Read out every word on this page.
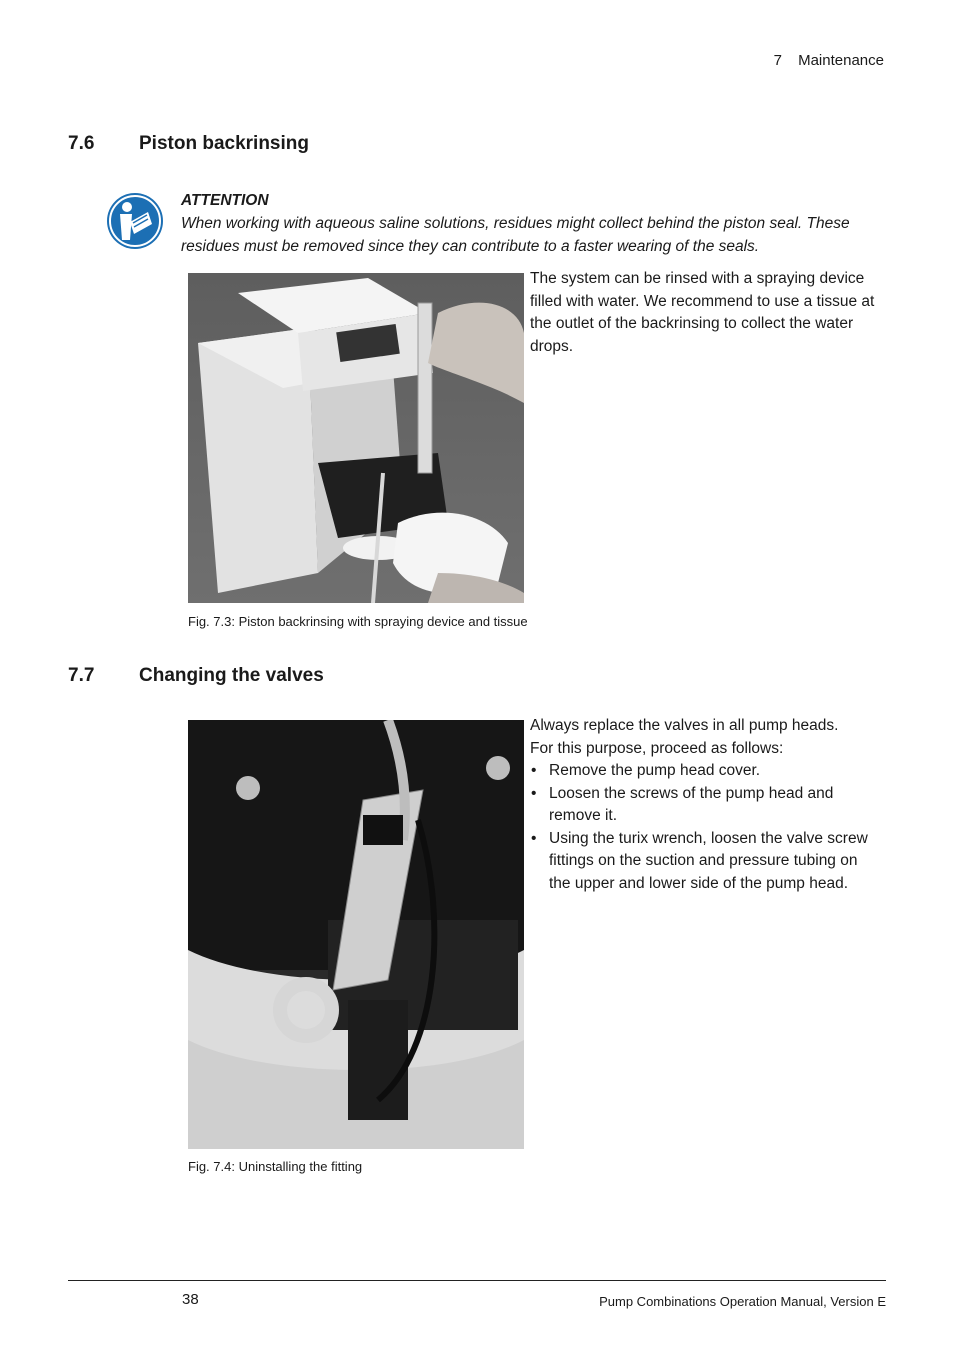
7 Maintenance
7.6 Piston backrinsing
ATTENTION
When working with aqueous saline solutions, residues might collect behind the piston seal. These residues must be removed since they can contribute to a faster wearing of the seals.
The system can be rinsed with a spraying device filled with water. We recommend to use a tissue at the outlet of the backrinsing to collect the water drops.
Fig. 7.3: Piston backrinsing with spraying device and tissue
7.7 Changing the valves
Always replace the valves in all pump heads.
For this purpose, proceed as follows:
• Remove the pump head cover.
• Loosen the screws of the pump head and remove it.
• Using the turix wrench, loosen the valve screw fittings on the suction and pressure tubing on the upper and lower side of the pump head.
Fig. 7.4: Uninstalling the fitting
38	Pump Combinations Operation Manual, Version E
